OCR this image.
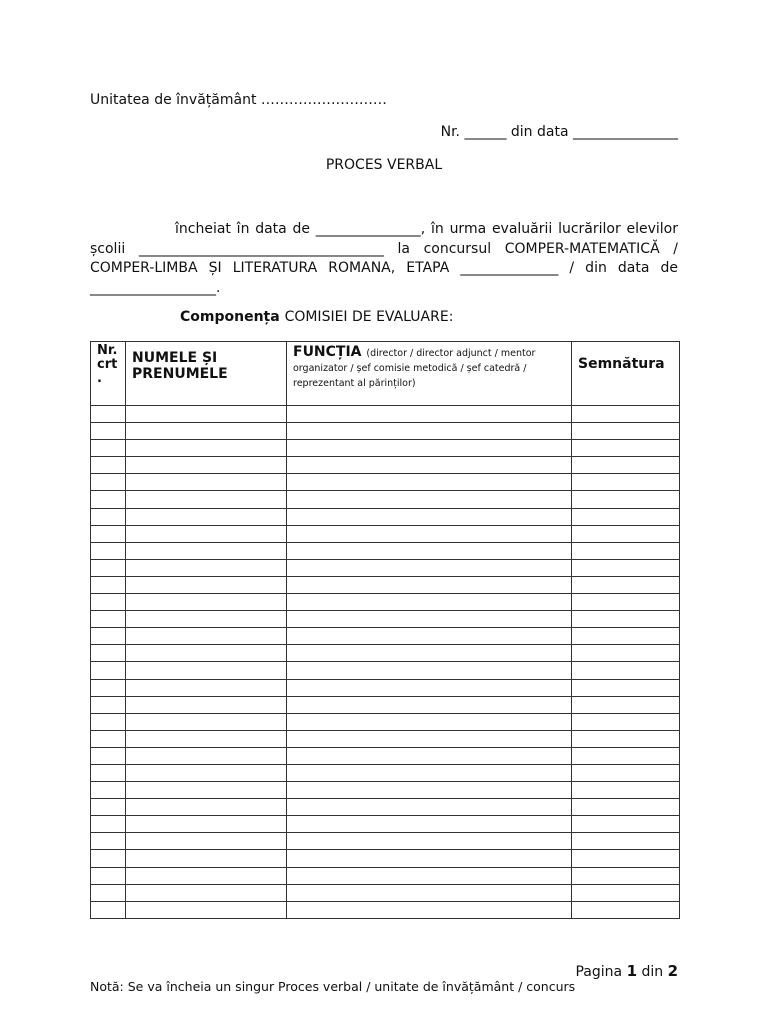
Unitatea de învățământ ………………………
Nr. ______ din data _______________
PROCES VERBAL
încheiat în data de _______________, în urma evaluării lucrărilor elevilor
școlii ___________________________________ la concursul COMPER-MATEMATICĂ /
COMPER-LIMBA ȘI LITERATURA ROMANA, ETAPA ______________ / din data de
__________________.
Componența COMISIEI DE EVALUARE:
Nr. crt .	NUMELE ȘI PRENUMELE	FUNCȚIA (director / director adjunct / mentor organizator / șef comisie metodică / șef catedră / reprezentant al părinților)	Semnătura

Pagina 1 din 2
Notă: Se va încheia un singur Proces verbal / unitate de învățământ / concurs
